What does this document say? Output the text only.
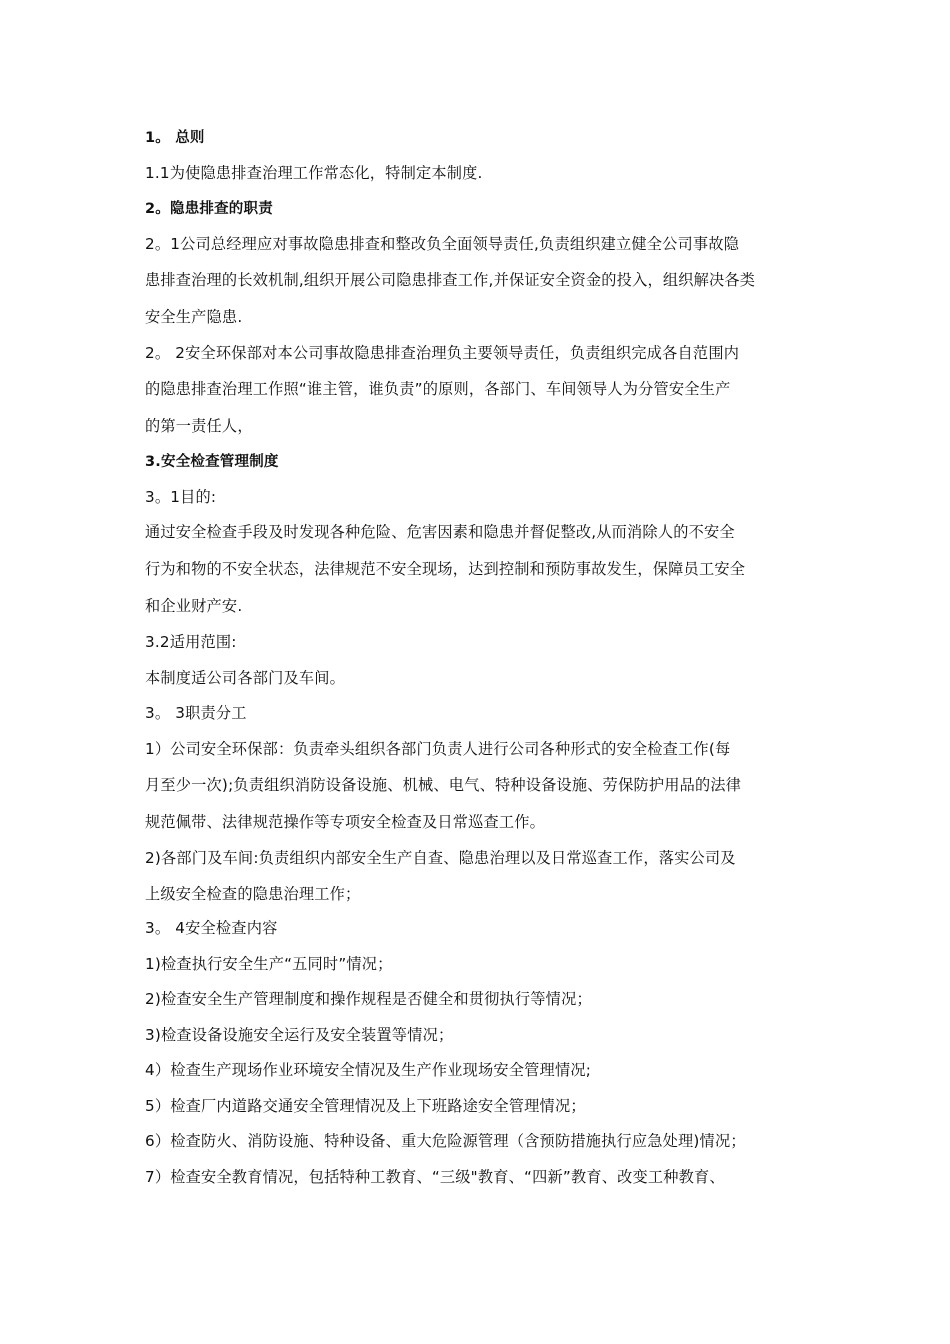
1。 总则
1.1为使隐患排查治理工作常态化，特制定本制度.
2。隐患排查的职责
2。1公司总经理应对事故隐患排查和整改负全面领导责任,负责组织建立健全公司事故隐
患排查治理的长效机制,组织开展公司隐患排查工作,并保证安全资金的投入，组织解决各类
安全生产隐患.
2。 2安全环保部对本公司事故隐患排查治理负主要领导责任，负责组织完成各自范围内
的隐患排查治理工作照“谁主管，谁负责”的原则，各部门、车间领导人为分管安全生产
的第一责任人，
3.安全检查管理制度
3。1目的:
通过安全检查手段及时发现各种危险、危害因素和隐患并督促整改,从而消除人的不安全
行为和物的不安全状态，法律规范不安全现场，达到控制和预防事故发生，保障员工安全
和企业财产安.
3.2适用范围:
本制度适公司各部门及车间。
3。 3职责分工
1）公司安全环保部：负责牵头组织各部门负责人进行公司各种形式的安全检查工作(每
月至少一次);负责组织消防设备设施、机械、电气、特种设备设施、劳保防护用品的法律
规范佩带、法律规范操作等专项安全检查及日常巡查工作。
2)各部门及车间:负责组织内部安全生产自查、隐患治理以及日常巡查工作，落实公司及
上级安全检查的隐患治理工作；
3。 4安全检查内容
1)检查执行安全生产“五同时”情况；
2)检查安全生产管理制度和操作规程是否健全和贯彻执行等情况；
3)检查设备设施安全运行及安全装置等情况；
4）检查生产现场作业环境安全情况及生产作业现场安全管理情况;
5）检查厂内道路交通安全管理情况及上下班路途安全管理情况；
6）检查防火、消防设施、特种设备、重大危险源管理（含预防措施执行应急处理)情况；
7）检查安全教育情况，包括特种工教育、“三级"教育、“四新”教育、改变工种教育、
